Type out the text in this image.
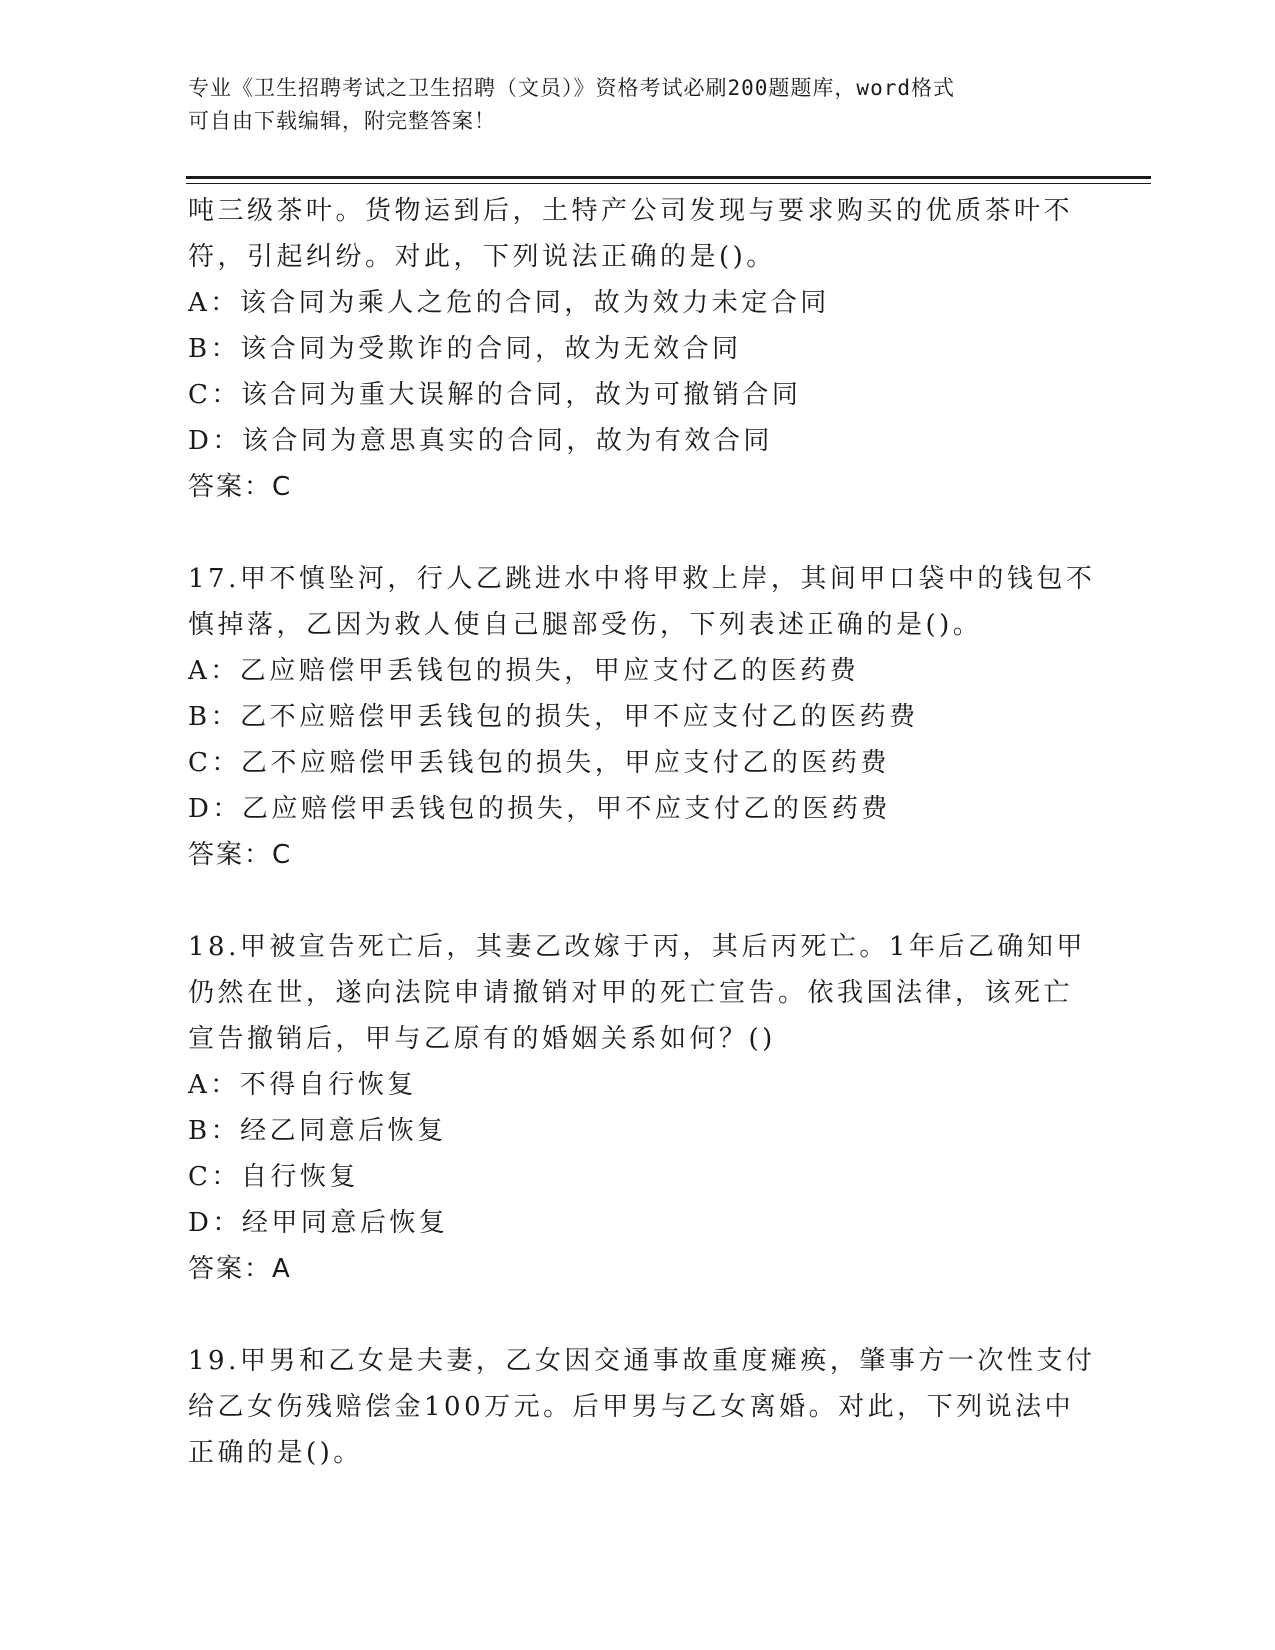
专业《卫生招聘考试之卫生招聘（文员）》资格考试必刷200题题库，word格式
可自由下载编辑，附完整答案！
吨三级茶叶。货物运到后，土特产公司发现与要求购买的优质茶叶不
符，引起纠纷。对此，下列说法正确的是()。
A：该合同为乘人之危的合同，故为效力未定合同
B：该合同为受欺诈的合同，故为无效合同
C：该合同为重大误解的合同，故为可撤销合同
D：该合同为意思真实的合同，故为有效合同
答案：C
17.甲不慎坠河，行人乙跳进水中将甲救上岸，其间甲口袋中的钱包不
慎掉落，乙因为救人使自己腿部受伤，下列表述正确的是()。
A：乙应赔偿甲丢钱包的损失，甲应支付乙的医药费
B：乙不应赔偿甲丢钱包的损失，甲不应支付乙的医药费
C：乙不应赔偿甲丢钱包的损失，甲应支付乙的医药费
D：乙应赔偿甲丢钱包的损失，甲不应支付乙的医药费
答案：C
18.甲被宣告死亡后，其妻乙改嫁于丙，其后丙死亡。1年后乙确知甲
仍然在世，遂向法院申请撤销对甲的死亡宣告。依我国法律，该死亡
宣告撤销后，甲与乙原有的婚姻关系如何？()
A：不得自行恢复
B：经乙同意后恢复
C：自行恢复
D：经甲同意后恢复
答案：A
19.甲男和乙女是夫妻，乙女因交通事故重度瘫痪，肇事方一次性支付
给乙女伤残赔偿金100万元。后甲男与乙女离婚。对此，下列说法中
正确的是()。
